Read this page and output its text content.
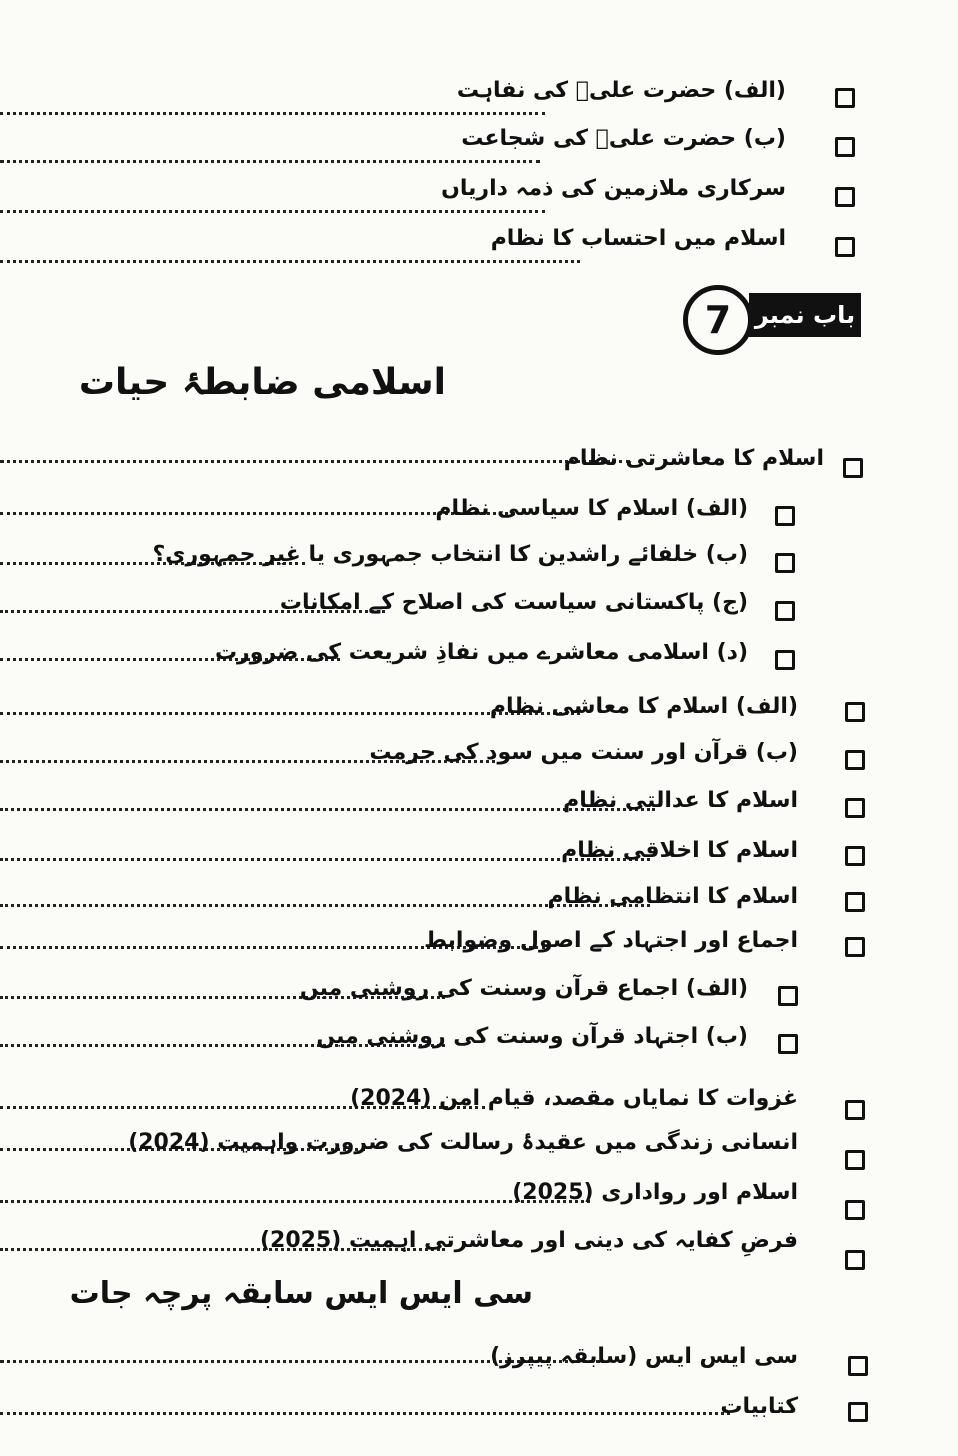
(الف) حضرت علیؓ کی نفاہت
(ب) حضرت علیؓ کی شجاعت
سرکاری ملازمین کی ذمہ داریاں
اسلام میں احتساب کا نظام
باب نمبر
7
اسلامی ضابطۂ حیات
اسلام کا معاشرتی نظام
(الف) اسلام کا سیاسی نظام
(ب) خلفائے راشدین کا انتخاب جمہوری یا غیر جمہوری؟
(ج) پاکستانی سیاست کی اصلاح کے امکانات
(د) اسلامی معاشرے میں نفاذِ شریعت کی ضرورت
(الف) اسلام کا معاشی نظام
(ب) قرآن اور سنت میں سود کی حرمت
اسلام کا عدالتی نظام
اسلام کا اخلاقی نظام
اسلام کا انتظامی نظام
اجماع اور اجتہاد کے اصول وضوابط
(الف) اجماع قرآن وسنت کی روشنی میں
(ب) اجتہاد قرآن وسنت کی روشنی میں
غزوات کا نمایاں مقصد، قیام امن (2024)
انسانی زندگی میں عقیدۂ رسالت کی ضرورت واہمیت (2024)
اسلام اور رواداری (2025)
فرضِ کفایہ کی دینی اور معاشرتی اہمیت (2025)
سی ایس ایس سابقہ پرچہ جات
سی ایس ایس (سابقہ پیپرز)
کتابیات
